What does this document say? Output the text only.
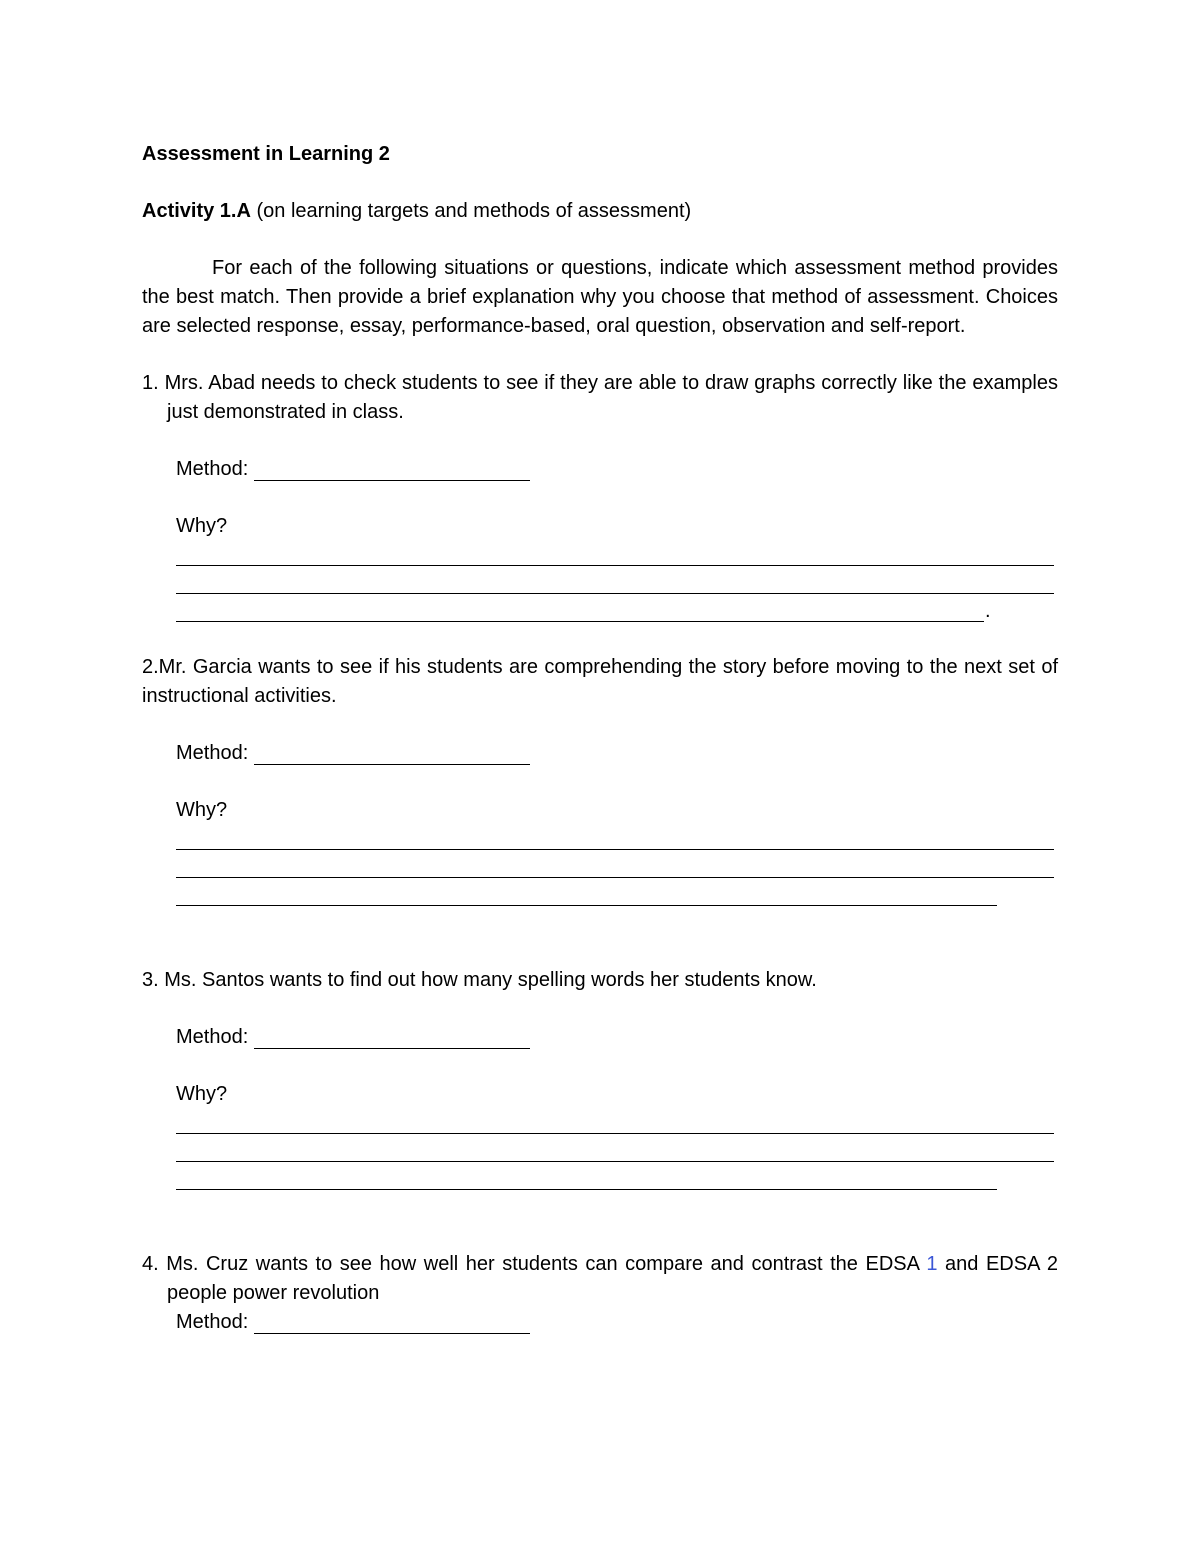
Assessment in Learning 2
Activity 1.A (on learning targets and methods of assessment)
For each of the following situations or questions, indicate which assessment method provides the best match. Then provide a brief explanation why you choose that method of assessment. Choices are selected response, essay, performance-based, oral question, observation and self-report.
1. Mrs. Abad needs to check students to see if they are able to draw graphs correctly like the examples just demonstrated in class.
Method:
Why?
.
2.Mr. Garcia wants to see if his students are comprehending the story before moving to the next set of instructional activities.
Method:
Why?
3. Ms. Santos wants to find out how many spelling words her students know.
Method:
Why?
4. Ms. Cruz wants to see how well her students can compare and contrast the EDSA 1 and EDSA 2 people power revolution
Method:
